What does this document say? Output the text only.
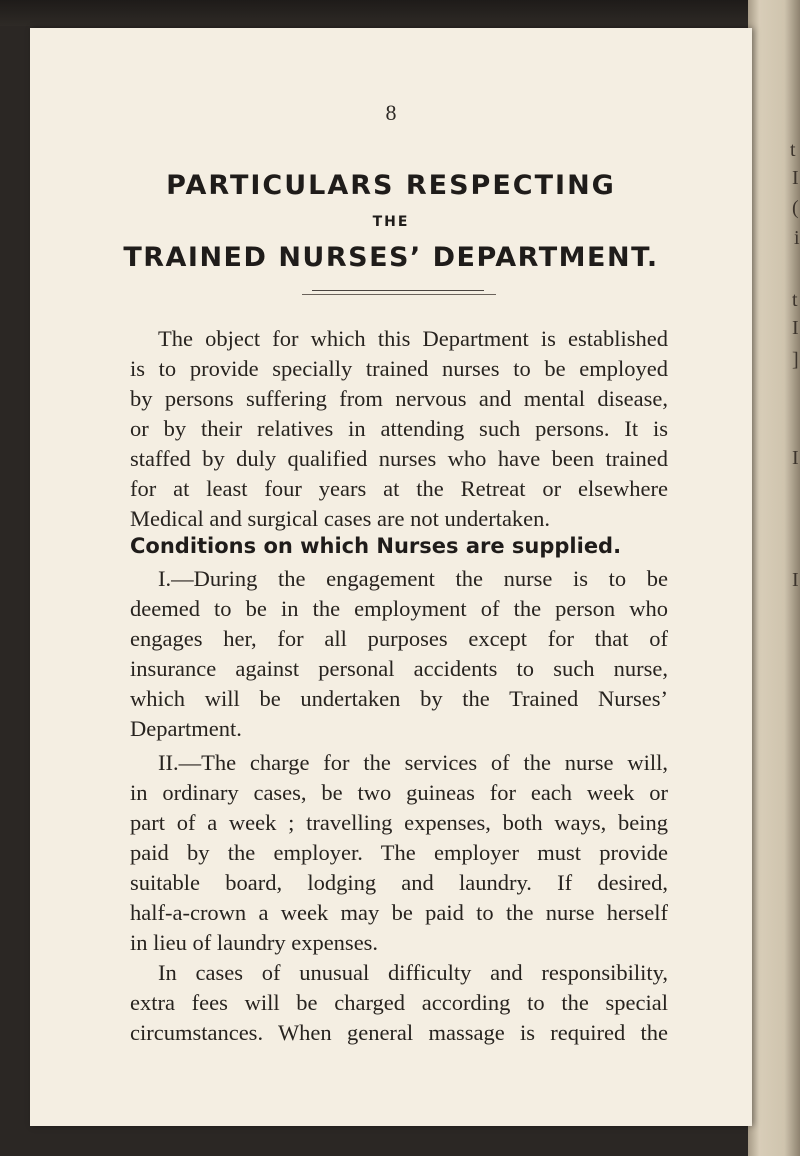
t
I
(
i
t
I
]
I
I
8
PARTICULARS RESPECTING
THE
TRAINED NURSES’ DEPARTMENT.
The object for which this Department is established
is to provide specially trained nurses to be employed
by persons suffering from nervous and mental disease,
or by their relatives in attending such persons. It is
staffed by duly qualified nurses who have been trained
for at least four years at the Retreat or elsewhere
Medical and surgical cases are not undertaken.
Conditions on which Nurses are supplied.
I.—During the engagement the nurse is to be
deemed to be in the employment of the person who
engages her, for all purposes except for that of
insurance against personal accidents to such nurse,
which will be undertaken by the Trained Nurses’
Department.
II.—The charge for the services of the nurse will,
in ordinary cases, be two guineas for each week or
part of a week ; travelling expenses, both ways, being
paid by the employer. The employer must provide
suitable board, lodging and laundry. If desired,
half-a-crown a week may be paid to the nurse herself
in lieu of laundry expenses.
In cases of unusual difficulty and responsibility,
extra fees will be charged according to the special
circumstances. When general massage is required the
